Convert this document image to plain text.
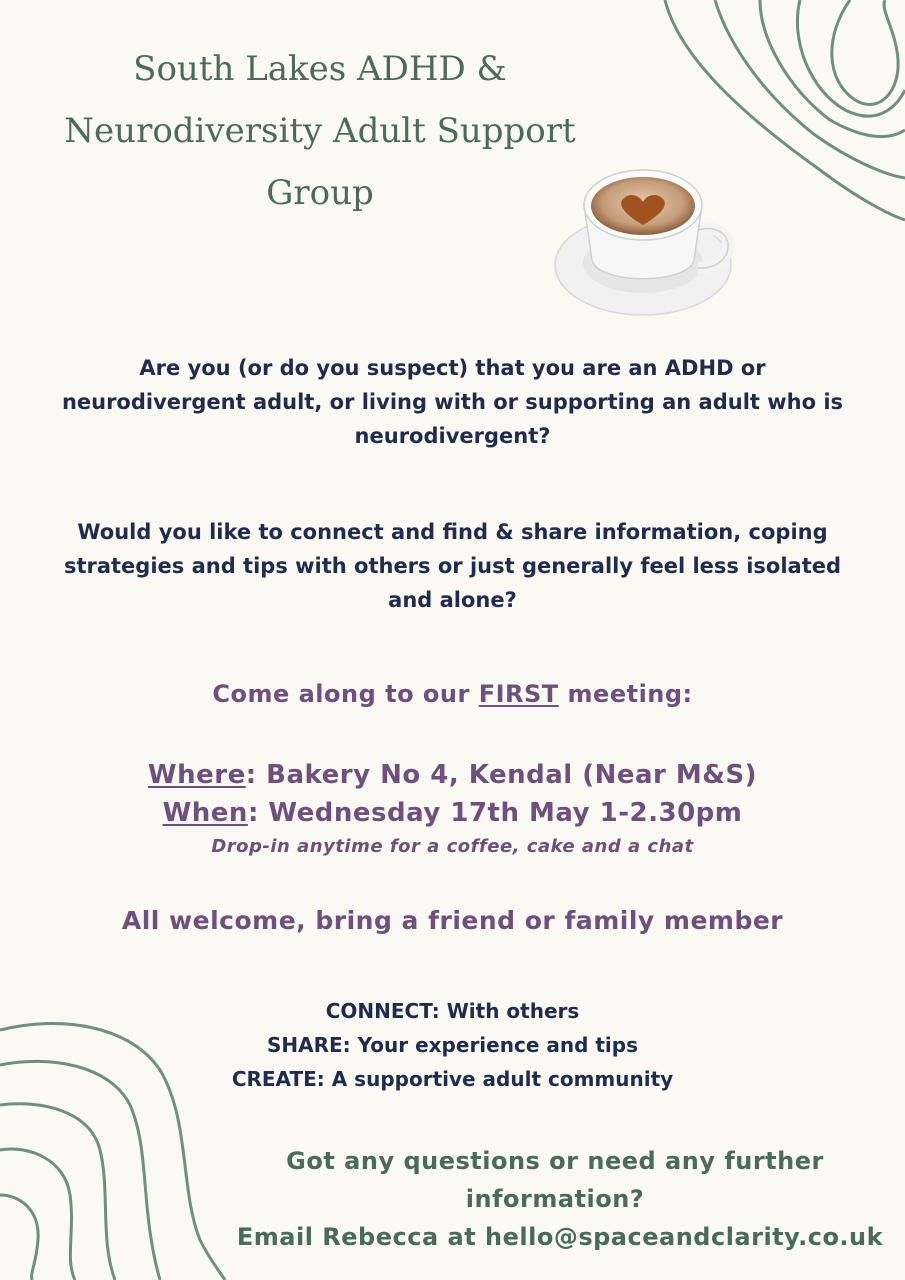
South Lakes ADHD &
Neurodiversity Adult Support
Group
Are you (or do you suspect) that you are an ADHD or
neurodivergent adult, or living with or supporting an adult who is
neurodivergent?
Would you like to connect and find & share information, coping
strategies and tips with others or just generally feel less isolated
and alone?
Come along to our FIRST meeting:
Where: Bakery No 4, Kendal (Near M&S)
When: Wednesday 17th May 1-2.30pm
Drop-in anytime for a coffee, cake and a chat
All welcome, bring a friend or family member
CONNECT: With others
SHARE: Your experience and tips
CREATE: A supportive adult community
Got any questions or need any further
information?
Email Rebecca at hello@spaceandclarity.co.uk
